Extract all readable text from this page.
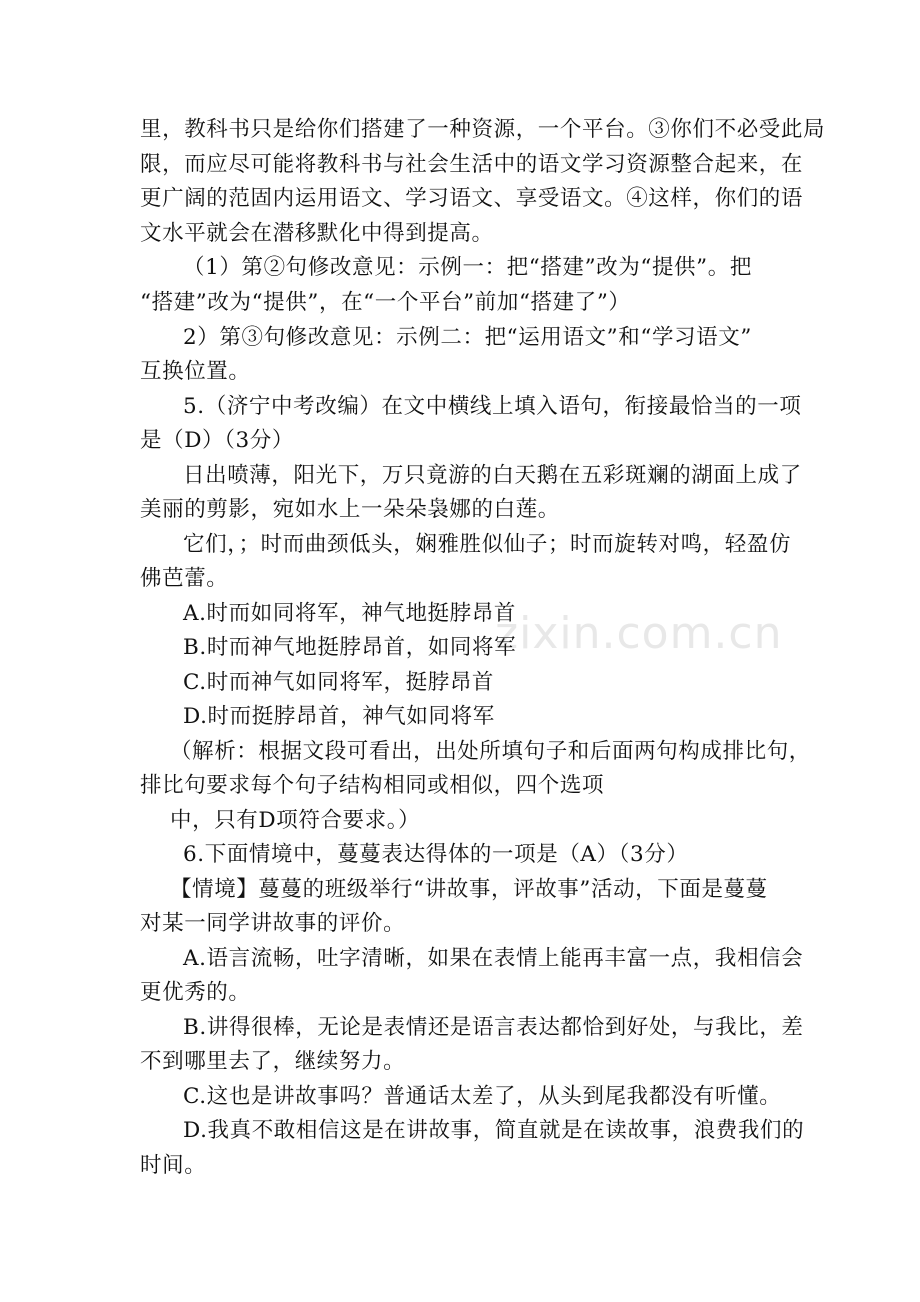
zixin.com.cn
里，教科书只是给你们搭建了一种资源，一个平台。③你们不必受此局
限，而应尽可能将教科书与社会生活中的语文学习资源整合起来，在
更广阔的范固内运用语文、学习语文、享受语文。④这样，你们的语
文水平就会在潜移默化中得到提高。
（1）第②句修改意见：示例一：把“搭建”改为“提供”。把
“搭建”改为“提供”，在“一个平台”前加“搭建了”）
2）第③句修改意见：示例二：把“运用语文”和“学习语文”
互换位置。
5.（济宁中考改编）在文中横线上填入语句，衔接最恰当的一项
是（D）（3分）
日出喷薄，阳光下，万只竟游的白天鹅在五彩斑斓的湖面上成了
美丽的剪影，宛如水上一朵朵袅娜的白莲。
它们，；时而曲颈低头，娴雅胜似仙子；时而旋转对鸣，轻盈仿
佛芭蕾。
A.时而如同将军，神气地挺脖昂首
B.时而神气地挺脖昂首，如同将军
C.时而神气如同将军，挺脖昂首
D.时而挺脖昂首，神气如同将军
（解析：根据文段可看出，出处所填句子和后面两句构成排比句，
排比句要求每个句子结构相同或相似，四个选项
中，只有D项符合要求。）
6.下面情境中，蔓蔓表达得体的一项是（A）（3分）
【情境】蔓蔓的班级举行“讲故事，评故事”活动，下面是蔓蔓
对某一同学讲故事的评价。
A.语言流畅，吐字清晰，如果在表情上能再丰富一点，我相信会
更优秀的。
B.讲得很棒，无论是表情还是语言表达都恰到好处，与我比，差
不到哪里去了，继续努力。
C.这也是讲故事吗？普通话太差了，从头到尾我都没有听懂。
D.我真不敢相信这是在讲故事，简直就是在读故事，浪费我们的
时间。
